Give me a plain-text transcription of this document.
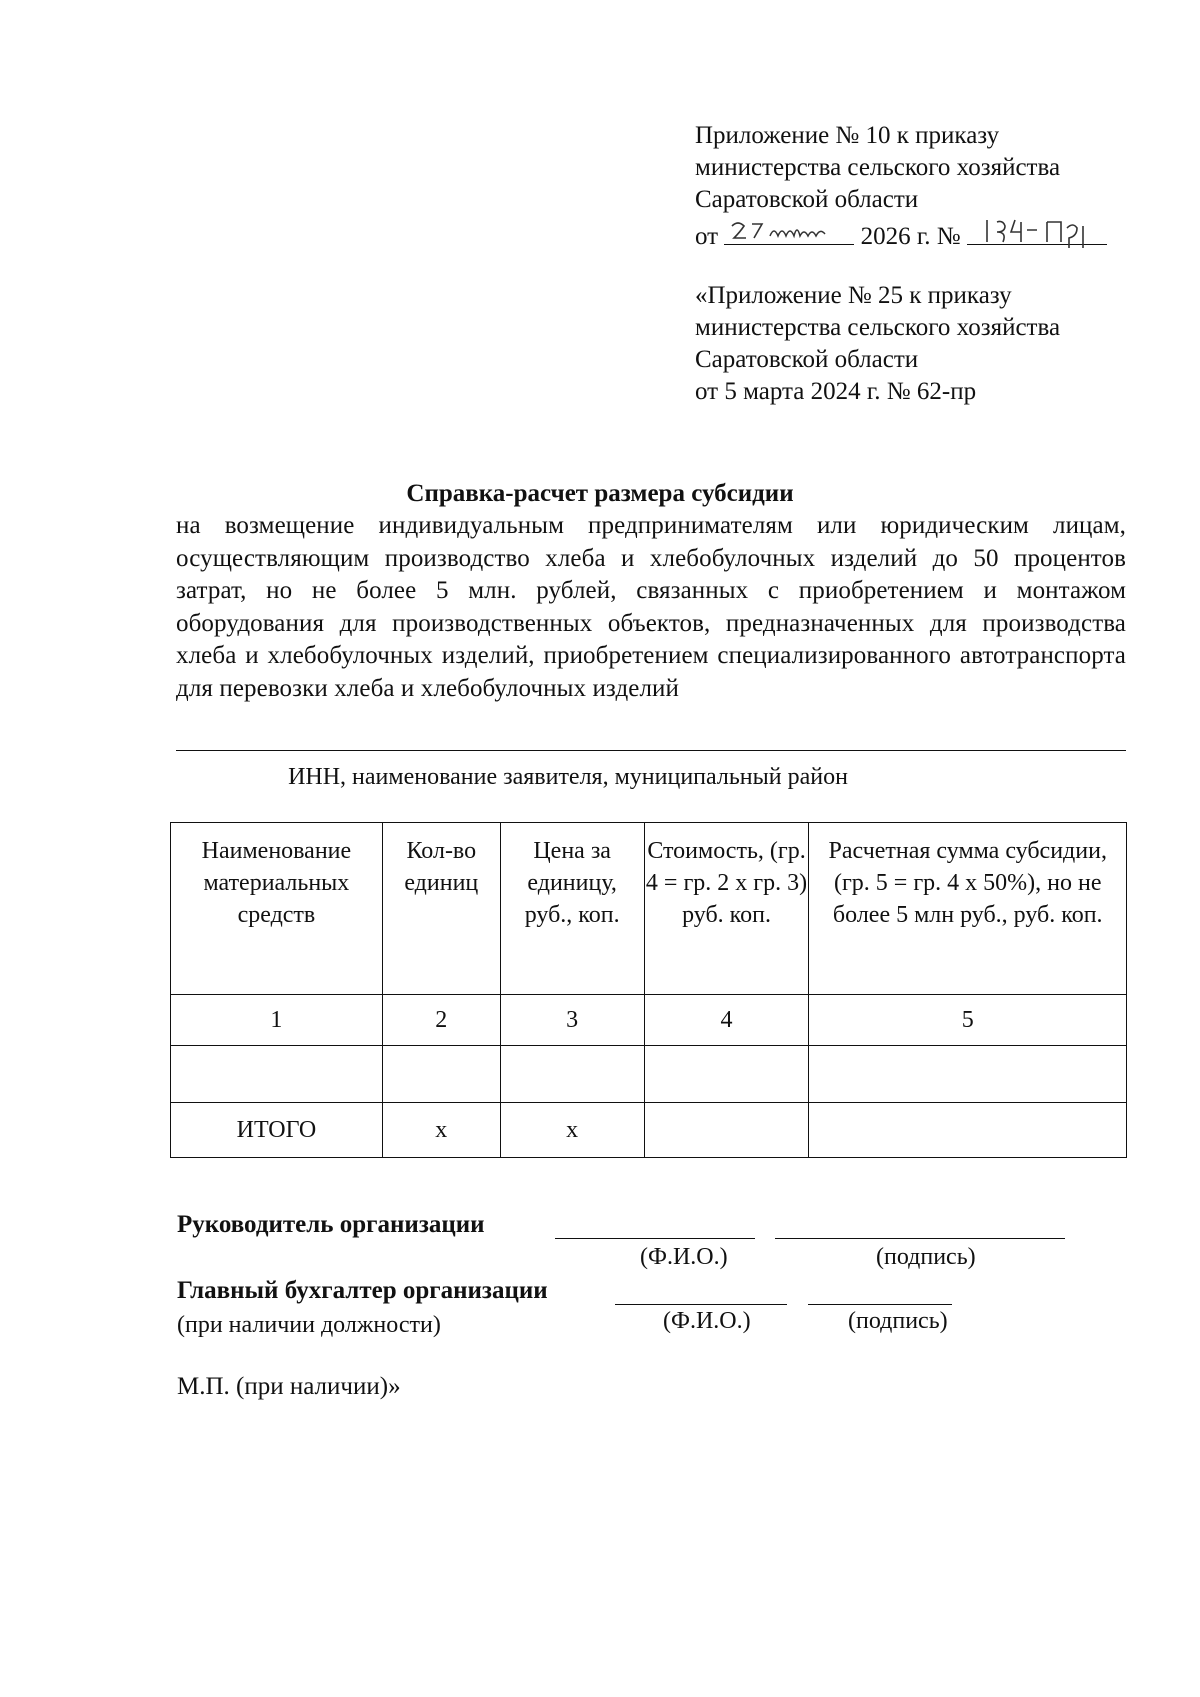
Приложение № 10 к приказу
министерства сельского хозяйства
Саратовской области
от	2026 г. №
«Приложение № 25 к приказу
министерства сельского хозяйства
Саратовской области
от 5 марта 2024 г. № 62-пр
Справка-расчет размера субсидии
на возмещение индивидуальным предпринимателям или юридическим лицам, осуществляющим производство хлеба и хлебобулочных изделий до 50 процентов затрат, но не более 5 млн. рублей, связанных с приобретением и монтажом оборудования для производственных объектов, предназначенных для производства хлеба и хлебобулочных изделий, приобретением специализированного автотранспорта для перевозки хлеба и хлебобулочных изделий
ИНН, наименование заявителя, муниципальный район
Наименование материальных средств	Кол-во единиц	Цена за единицу, руб., коп.	Стоимость, (гр. 4 = гр. 2 х гр. 3) руб. коп.	Расчетная сумма субсидии, (гр. 5 = гр. 4 х 50%), но не более 5 млн руб., руб. коп.
1	2	3	4	5

ИТОГО	х	х		
Руководитель организации
(Ф.И.О.)	(подпись)
Главный бухгалтер организации
(при наличии должности)	(Ф.И.О.)	(подпись)
М.П. (при наличии)»
